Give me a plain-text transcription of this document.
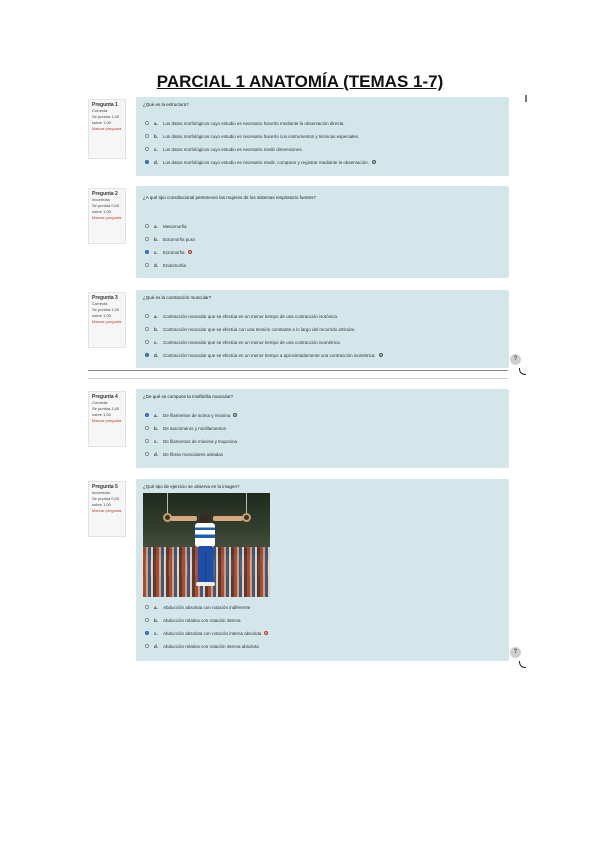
PARCIAL 1 ANATOMÍA (TEMAS 1-7)
Pregunta 1
Correcta
Se puntúa 1,00 sobre 1,00
Marcar pregunta
¿Qué es la estructura?
a.	Los datos morfológicos cuyo estudio es necesario hacerlo mediante la observación directa.
b.	Los datos morfológicos cuyo estudio es necesario hacerlo con instrumentos y técnicas especiales.
c.	Los datos morfológicos cuyo estudio es necesario medir dimensiones.
d.	Los datos morfológicos cuyo estudio es necesario medir, comparar y registrar mediante la observación.	✓
Pregunta 2
Incorrecta
Se puntúa 0,00 sobre 1,00
Marcar pregunta
¿A qué tipo constitucional pertenecen las mujeres de los sistemas respiratorio fuertes?
a.	Mesomorfia
b.	Ectomorfia pura
c.	Ectomorfia	✕
d.	Endomorfia
Pregunta 3
Correcta
Se puntúa 1,00 sobre 1,00
Marcar pregunta
¿Qué es la contracción muscular?
a.	Contracción muscular que se efectúa en un menor tiempo de una contracción isotónica.
b.	Contracción muscular que se efectúa con una tensión constante a lo largo del recorrido articular.
c.	Contracción muscular que se efectúa en un menor tiempo de una contracción isométrica.
d.	Contracción muscular que se efectúa en un menor tiempo a aproximadamente una contracción isométrica.	✓
?
Pregunta 4
Correcta
Se puntúa 1,00 sobre 1,00
Marcar pregunta
¿De qué se compone la miofibrilla muscular?
a.	De filamentos de actina y miosina	✓
b.	De sarcómeros y miofilamentos
c.	De filamentos de miosina y troponina
d.	De fibras musculares aisladas
Pregunta 5
Incorrecta
Se puntúa 0,00 sobre 1,00
Marcar pregunta
¿Qué tipo de ejercicio se observa en la imagen?
a.	Abducción absoluta con rotación indiferente
b.	Abducción relativa con rotación interna
c.	Abducción absoluta con rotación interna absoluta	✕
d.	Abducción relativa con rotación interna absoluta
?
